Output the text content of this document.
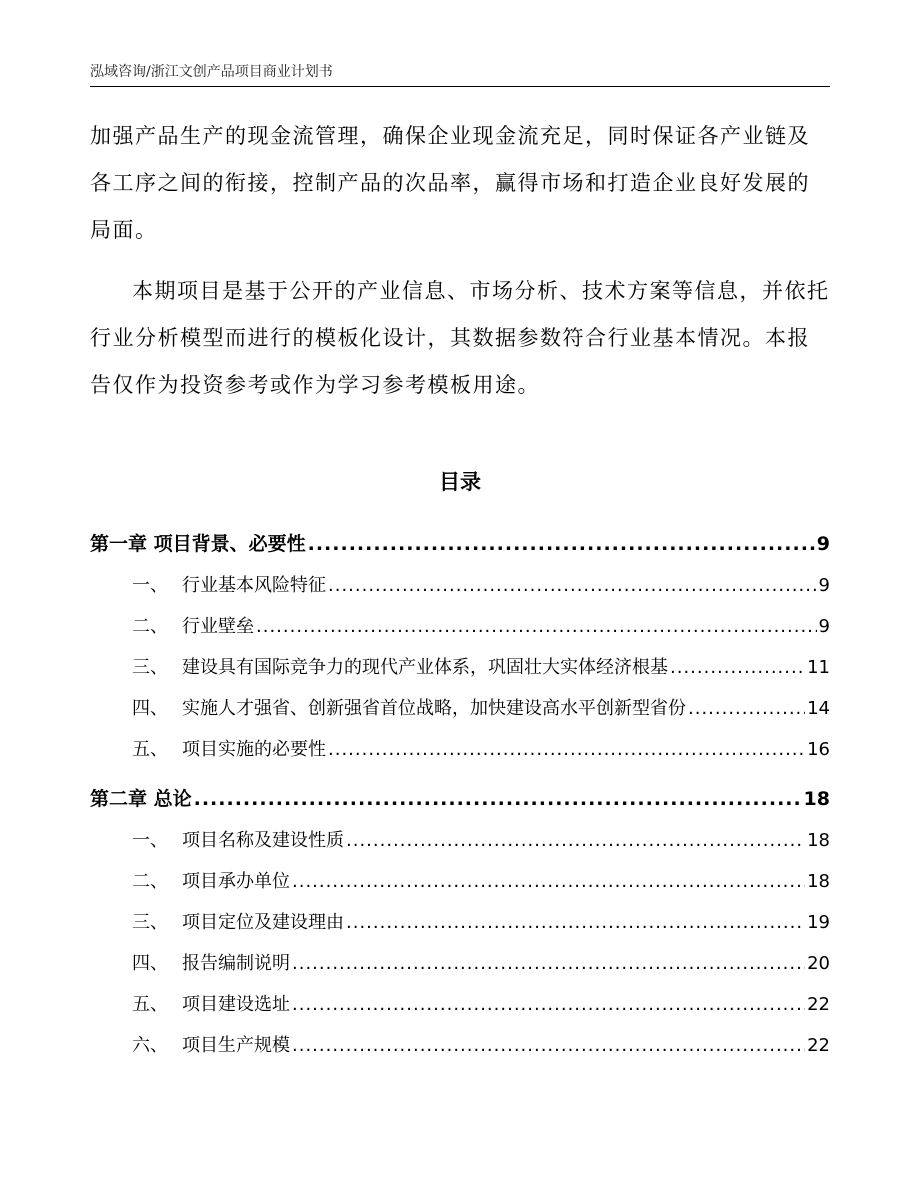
泓域咨询/浙江文创产品项目商业计划书
加强产品生产的现金流管理，确保企业现金流充足，同时保证各产业链及各工序之间的衔接，控制产品的次品率，赢得市场和打造企业良好发展的局面。
本期项目是基于公开的产业信息、市场分析、技术方案等信息，并依托行业分析模型而进行的模板化设计，其数据参数符合行业基本情况。本报告仅作为投资参考或作为学习参考模板用途。
目录
第一章 项目背景、必要性 .....	9
一、 行业基本风险特征 .....	9
二、 行业壁垒 .....	9
三、 建设具有国际竞争力的现代产业体系，巩固壮大实体经济根基 .....	11
四、 实施人才强省、创新强省首位战略，加快建设高水平创新型省份 .....	14
五、 项目实施的必要性 .....	16
第二章 总论 .....	18
一、 项目名称及建设性质 .....	18
二、 项目承办单位 .....	18
三、 项目定位及建设理由 .....	19
四、 报告编制说明 .....	20
五、 项目建设选址 .....	22
六、 项目生产规模 .....	22
